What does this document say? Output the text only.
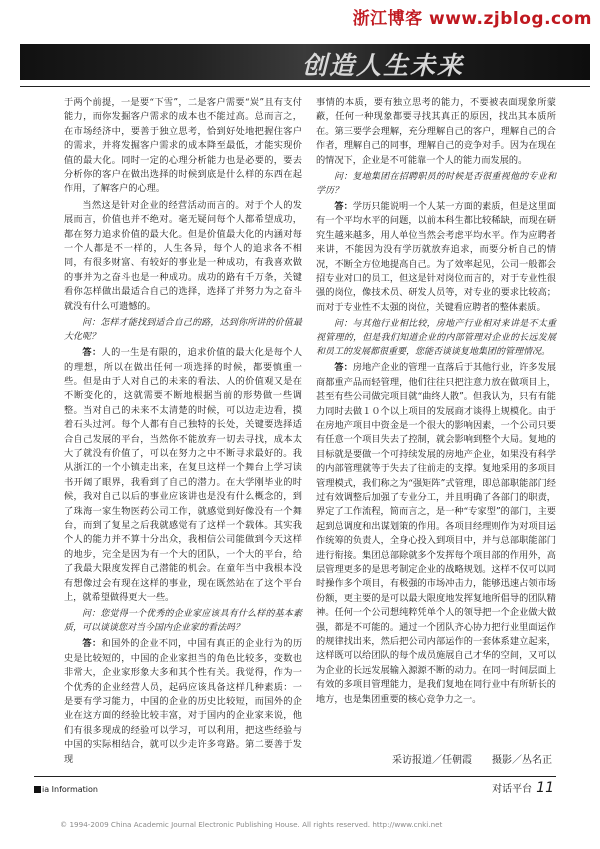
浙江博客 www.zjblog.com
创造人生未来

于两个前提，一是要“下雪”，二是客户需要“炭”且有支付能力，而你发掘客户需求的成本也不能过高。总而言之，在市场经济中，要善于独立思考，恰到好处地把握住客户的需求，并将发掘客户需求的成本降至最低，才能实现价值的最大化。同时一定的心理分析能力也是必要的，要去分析你的客户在做出选择的时候到底是什么样的东西在起作用，了解客户的心理。

当然这是针对企业的经营活动而言的。对于个人的发展而言，价值也并不绝对。毫无疑问每个人都希望成功，都在努力追求价值的最大化。但是价值最大化的内涵对每一个人都是不一样的，人生各异，每个人的追求各不相同，有很多财富、有较好的事业是一种成功，有我喜欢做的事并为之奋斗也是一种成功。成功的路有千万条，关键看你怎样做出最适合自己的选择，选择了并努力为之奋斗就没有什么可遗憾的。

问：怎样才能找到适合自己的路，达到你所讲的价值最大化呢？

答：人的一生是有限的，追求价值的最大化是每个人的理想，所以在做出任何一项选择的时候，都要慎重一些。但是由于人对自己的未来的看法、人的价值观又是在不断变化的，这就需要不断地根据当前的形势做一些调整。当对自己的未来不太清楚的时候，可以边走边看，摸着石头过河。每个人都有自己独特的长处，关键要选择适合自己发展的平台，当然你不能放弃一切去寻找，成本太大了就没有价值了，可以在努力之中不断寻求最好的。我从浙江的一个小镇走出来，在复旦这样一个舞台上学习读书开阔了眼界，我看到了自己的潜力。在大学刚毕业的时候，我对自己以后的事业应该讲也是没有什么概念的，到了珠海一家生物医药公司工作，就感觉到好像没有一个舞台，而到了复星之后我就感觉有了这样一个载体。其实我个人的能力并不算十分出众，我相信公司能做到今天这样的地步，完全是因为有一个大的团队，一个大的平台，给了我最大限度发挥自己潜能的机会。在童年当中我根本没有想像过会有现在这样的事业，现在既然站在了这个平台上，就希望做得更大一些。

问：您觉得一个优秀的企业家应该具有什么样的基本素质，可以谈谈您对当今国内企业家的看法吗？

答：和国外的企业不同，中国有真正的企业行为的历史是比较短的，中国的企业家担当的角色比较多，变数也非常大，企业家形象大多和其个性有关。我觉得，作为一个优秀的企业经营人员，起码应该具备这样几种素质：一是要有学习能力，中国的企业的历史比较短，而国外的企业在这方面的经验比较丰富，对于国内的企业家来说，他们有很多现成的经验可以学习，可以利用，把这些经验与中国的实际相结合，就可以少走许多弯路。第二要善于发现

事情的本质，要有独立思考的能力，不要被表面现象所蒙蔽，任何一种现象都要寻找其真正的原因，找出其本质所在。第三要学会理解，充分理解自己的客户，理解自己的合作者，理解自己的同事，理解自己的竞争对手。因为在现在的情况下，企业是不可能靠一个人的能力而发展的。

问：复地集团在招聘职员的时候是否很重视他的专业和学历？

答：学历只能说明一个人某一方面的素质，但是这里面有一个平均水平的问题，以前本科生都比较稀缺，而现在研究生越来越多，用人单位当然会考虑平均水平。作为应聘者来讲，不能因为没有学历就放弃追求，而要分析自己的情况，不断全方位地提高自己。为了效率起见，公司一般都会招专业对口的员工，但这是针对岗位而言的，对于专业性很强的岗位，像技术员、研发人员等，对专业的要求比较高；而对于专业性不太强的岗位，关键看应聘者的整体素质。

问：与其他行业相比较，房地产行业相对来讲是不太重视管理的，但是我们知道企业的内部管理对企业的长远发展和员工的发展都很重要，您能否谈谈复地集团的管理情况。

答：房地产企业的管理一直落后于其他行业，许多发展商都重产品而轻管理，他们往往只把注意力放在做项目上，甚至有些公司做完项目就“曲终人散”。但我认为，只有有能力同时去做１０个以上项目的发展商才谈得上规模化。由于在房地产项目中资金是一个很大的影响因素，一个公司只要有任意一个项目失去了控制，就会影响到整个大局。复地的目标就是要做一个可持续发展的房地产企业，如果没有科学的内部管理就等于失去了往前走的支撑。复地采用的多项目管理模式，我们称之为“强矩阵”式管理，即总部职能部门经过有效调整后加强了专业分工，并且明确了各部门的职责，界定了工作流程，简而言之，是一种“专家型”的部门，主要起到总调度和出谋划策的作用。各项目经理则作为对项目运作统筹的负责人，全身心投入到项目中，并与总部职能部门进行衔接。集团总部除就多个发挥每个项目部的作用外，高层管理更多的是思考制定企业的战略规划。这样不仅可以同时操作多个项目，有极强的市场冲击力，能够迅速占领市场份额，更主要的是可以最大限度地发挥复地所倡导的团队精神。任何一个公司想纯粹凭单个人的领导把一个企业做大做强，都是不可能的。通过一个团队齐心协力把行业里面运作的规律找出来，然后把公司内部运作的一套体系建立起来，这样既可以给团队的每个成员施展自己才华的空间，又可以为企业的长远发展输入源源不断的动力。在同一时间层面上有效的多项目管理能力，是我们复地在同行业中有所斩长的地方，也是集团重要的核心竞争力之一。

采访报道／任朝霞　　摄影／丛名正
ia Information	对话平台 11
© 1994-2009 China Academic Journal Electronic Publishing House. All rights reserved. http://www.cnki.net
